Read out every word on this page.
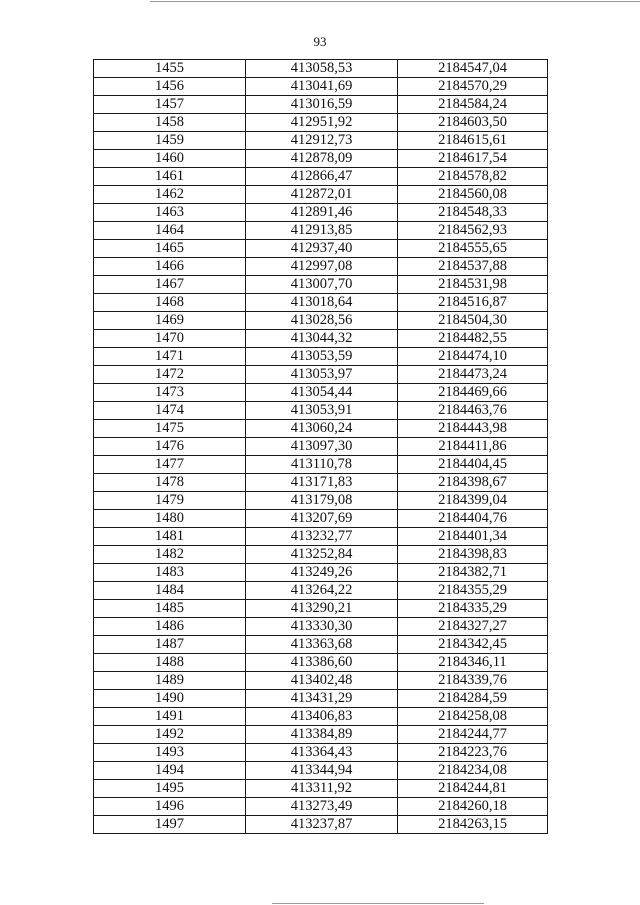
93
1455	413058,53	2184547,04
1456	413041,69	2184570,29
1457	413016,59	2184584,24
1458	412951,92	2184603,50
1459	412912,73	2184615,61
1460	412878,09	2184617,54
1461	412866,47	2184578,82
1462	412872,01	2184560,08
1463	412891,46	2184548,33
1464	412913,85	2184562,93
1465	412937,40	2184555,65
1466	412997,08	2184537,88
1467	413007,70	2184531,98
1468	413018,64	2184516,87
1469	413028,56	2184504,30
1470	413044,32	2184482,55
1471	413053,59	2184474,10
1472	413053,97	2184473,24
1473	413054,44	2184469,66
1474	413053,91	2184463,76
1475	413060,24	2184443,98
1476	413097,30	2184411,86
1477	413110,78	2184404,45
1478	413171,83	2184398,67
1479	413179,08	2184399,04
1480	413207,69	2184404,76
1481	413232,77	2184401,34
1482	413252,84	2184398,83
1483	413249,26	2184382,71
1484	413264,22	2184355,29
1485	413290,21	2184335,29
1486	413330,30	2184327,27
1487	413363,68	2184342,45
1488	413386,60	2184346,11
1489	413402,48	2184339,76
1490	413431,29	2184284,59
1491	413406,83	2184258,08
1492	413384,89	2184244,77
1493	413364,43	2184223,76
1494	413344,94	2184234,08
1495	413311,92	2184244,81
1496	413273,49	2184260,18
1497	413237,87	2184263,15
